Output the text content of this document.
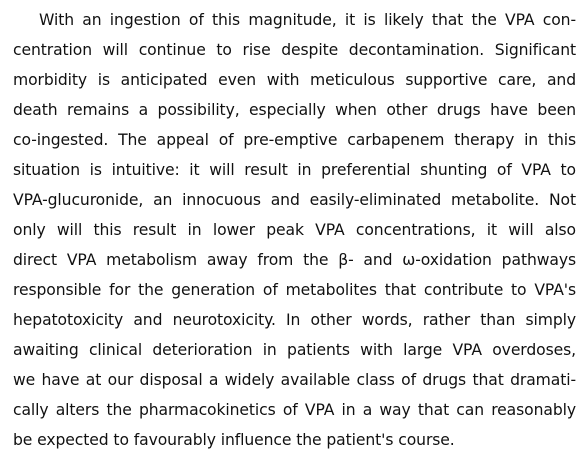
With an ingestion of this magnitude, it is likely that the VPA con-
centration will continue to rise despite decontamination. Significant
morbidity is anticipated even with meticulous supportive care, and
death remains a possibility, especially when other drugs have been
co-ingested. The appeal of pre-emptive carbapenem therapy in this
situation is intuitive: it will result in preferential shunting of VPA to
VPA-glucuronide, an innocuous and easily-eliminated metabolite. Not
only will this result in lower peak VPA concentrations, it will also
direct VPA metabolism away from the β- and ω-oxidation pathways
responsible for the generation of metabolites that contribute to VPA's
hepatotoxicity and neurotoxicity. In other words, rather than simply
awaiting clinical deterioration in patients with large VPA overdoses,
we have at our disposal a widely available class of drugs that dramati-
cally alters the pharmacokinetics of VPA in a way that can reasonably
be expected to favourably influence the patient's course.
